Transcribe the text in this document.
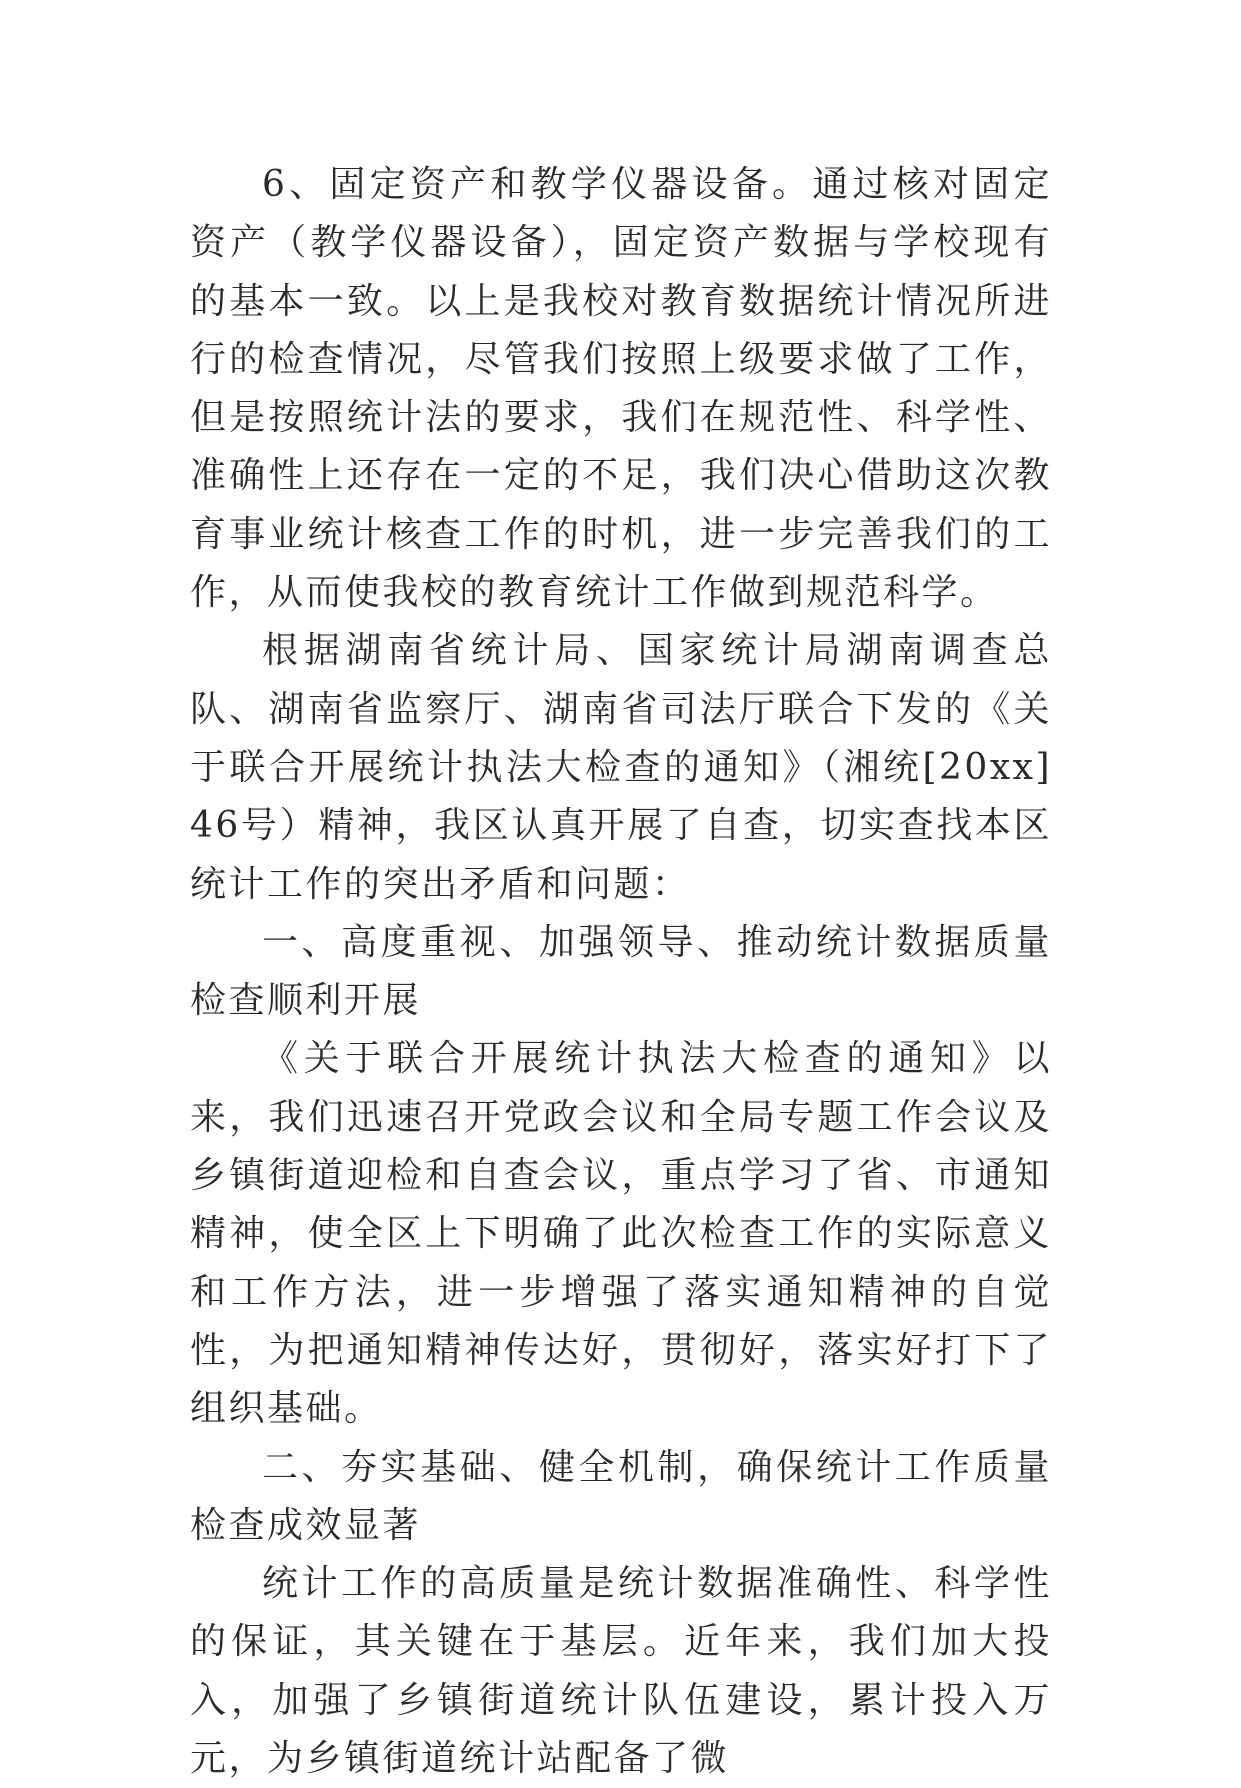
6、固定资产和教学仪器设备。通过核对固定资产（教学仪器设备），固定资产数据与学校现有的基本一致。以上是我校对教育数据统计情况所进行的检查情况，尽管我们按照上级要求做了工作，但是按照统计法的要求，我们在规范性、科学性、准确性上还存在一定的不足，我们决心借助这次教育事业统计核查工作的时机，进一步完善我们的工作，从而使我校的教育统计工作做到规范科学。

根据湖南省统计局、国家统计局湖南调查总队、湖南省监察厅、湖南省司法厅联合下发的《关于联合开展统计执法大检查的通知》（湘统[20xx]46号）精神，我区认真开展了自查，切实查找本区统计工作的突出矛盾和问题：

一、高度重视、加强领导、推动统计数据质量检查顺利开展

《关于联合开展统计执法大检查的通知》以来，我们迅速召开党政会议和全局专题工作会议及乡镇街道迎检和自查会议，重点学习了省、市通知精神，使全区上下明确了此次检查工作的实际意义和工作方法，进一步增强了落实通知精神的自觉性，为把通知精神传达好，贯彻好，落实好打下了组织基础。

二、夯实基础、健全机制，确保统计工作质量检查成效显著

统计工作的高质量是统计数据准确性、科学性的保证，其关键在于基层。近年来，我们加大投入，加强了乡镇街道统计队伍建设，累计投入万元，为乡镇街道统计站配备了微
